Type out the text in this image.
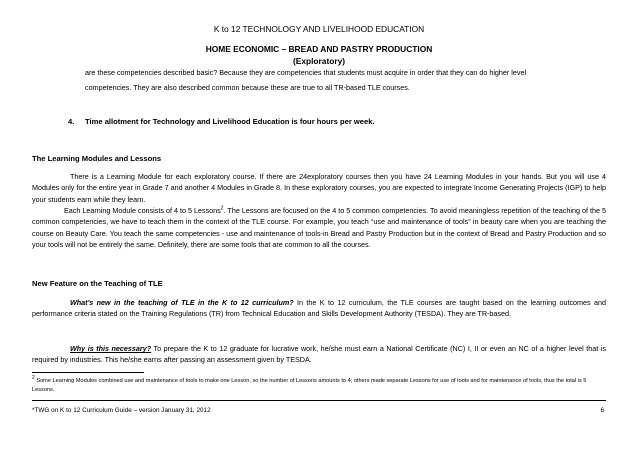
K to 12 TECHNOLOGY AND LIVELIHOOD EDUCATION
HOME ECONOMIC – BREAD AND PASTRY PRODUCTION
(Exploratory)
are these competencies described basic? Because they are competencies that students must acquire in order that they can do higher level
competencies. They are also described common because these are true to all TR-based TLE courses.
4. Time allotment for Technology and Livelihood Education is four hours per week.
The Learning Modules and Lessons
There is a Learning Module for each exploratory course. If there are 24exploratory courses then you have 24 Learning Modules in your hands. But you will use 4 Modules only for the entire year in Grade 7 and another 4 Modules in Grade 8. In these exploratory courses, you are expected to integrate Income Generating Projects (IGP) to help your students earn while they learn.
Each Learning Module consists of 4 to 5 Lessons$^2$. The Lessons are focused on the 4 to 5 common competencies. To avoid meaningless repetition of the teaching of the 5 common competencies, we have to teach them in the context of the TLE course. For example, you teach “use and maintenance of tools” in beauty care when you are teaching the course on Beauty Care. You teach the same competencies - use and maintenance of tools-in Bread and Pastry Production but in the context of Bread and Pastry Production and so your tools will not be entirely the same. Definitely, there are some tools that are common to all the courses.
New Feature on the Teaching of TLE
What's new in the teaching of TLE in the K to 12 curriculum? In the K to 12 curriculum, the TLE courses are taught based on the learning outcomes and performance criteria stated on the Training Regulations (TR) from Technical Education and Skills Development Authority (TESDA). They are TR-based.
Why is this necessary? To prepare the K to 12 graduate for lucrative work, he/she must earn a National Certificate (NC) I, II or even an NC of a higher level that is required by industries. This he/she earns after passing an assessment given by TESDA.
$^2$ Some Learning Modules combined use and maintenance of tools to make one Lesson, so the number of Lessons amounts to 4; others made separate Lessons for use of tools and for maintenance of tools, thus the total is 5 Lessons.
*TWG on K to 12 Curriculum Guide – version January 31, 2012	6
